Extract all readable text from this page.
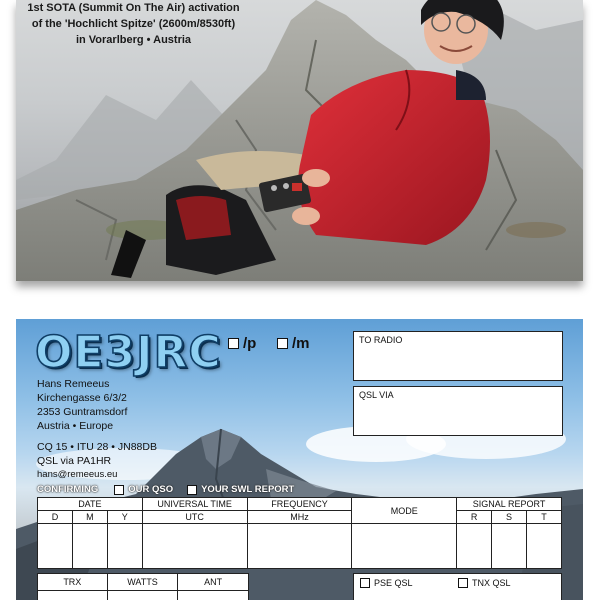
1st SOTA (Summit On The Air) activation
of the 'Hochlicht Spitze' (2600m/8530ft)
in Vorarlberg • Austria
OE3JRC /p /m
Hans Remeeus
Kirchengasse 6/3/2
2353 Guntramsdorf
Austria • Europe
CQ 15 • ITU 28 • JN88DB
QSL via PA1HR
hans@remeeus.eu
TO RADIO
QSL VIA
CONFIRMING	OUR QSO	YOUR SWL REPORT
DATE			UNIVERSAL TIME	FREQUENCY	MODE	SIGNAL REPORT		
D	M	Y	UTC	MHz		R	S	T

TRX	WATTS	ANT
			PSE QSL	TNX QSL
